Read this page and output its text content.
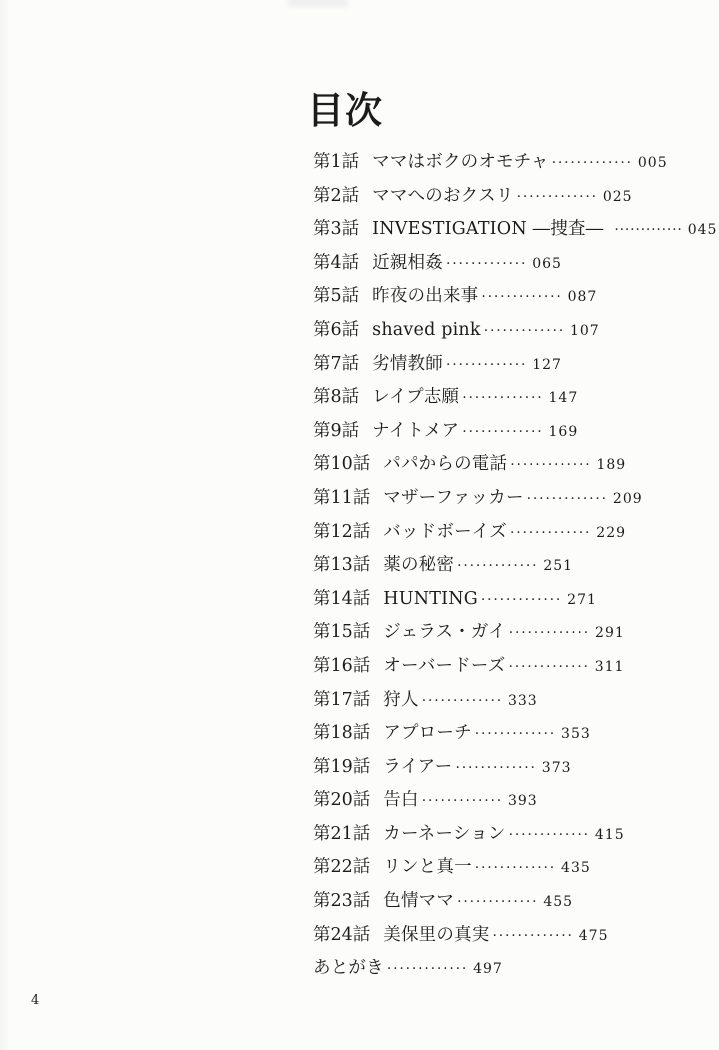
目次
第1話 ママはボクのオモチャ ············· 005
第2話 ママへのおクスリ ············· 025
第3話 INVESTIGATION ―捜査― ············· 045
第4話 近親相姦 ············· 065
第5話 昨夜の出来事 ············· 087
第6話 shaved pink ············· 107
第7話 劣情教師 ············· 127
第8話 レイプ志願 ············· 147
第9話 ナイトメア ············· 169
第10話 パパからの電話 ············· 189
第11話 マザーファッカー ············· 209
第12話 バッドボーイズ ············· 229
第13話 薬の秘密 ············· 251
第14話 HUNTING ············· 271
第15話 ジェラス・ガイ ············· 291
第16話 オーバードーズ ············· 311
第17話 狩人 ············· 333
第18話 アプローチ ············· 353
第19話 ライアー ············· 373
第20話 告白 ············· 393
第21話 カーネーション ············· 415
第22話 リンと真一 ············· 435
第23話 色情ママ ············· 455
第24話 美保里の真実 ············· 475
あとがき ············· 497
4
